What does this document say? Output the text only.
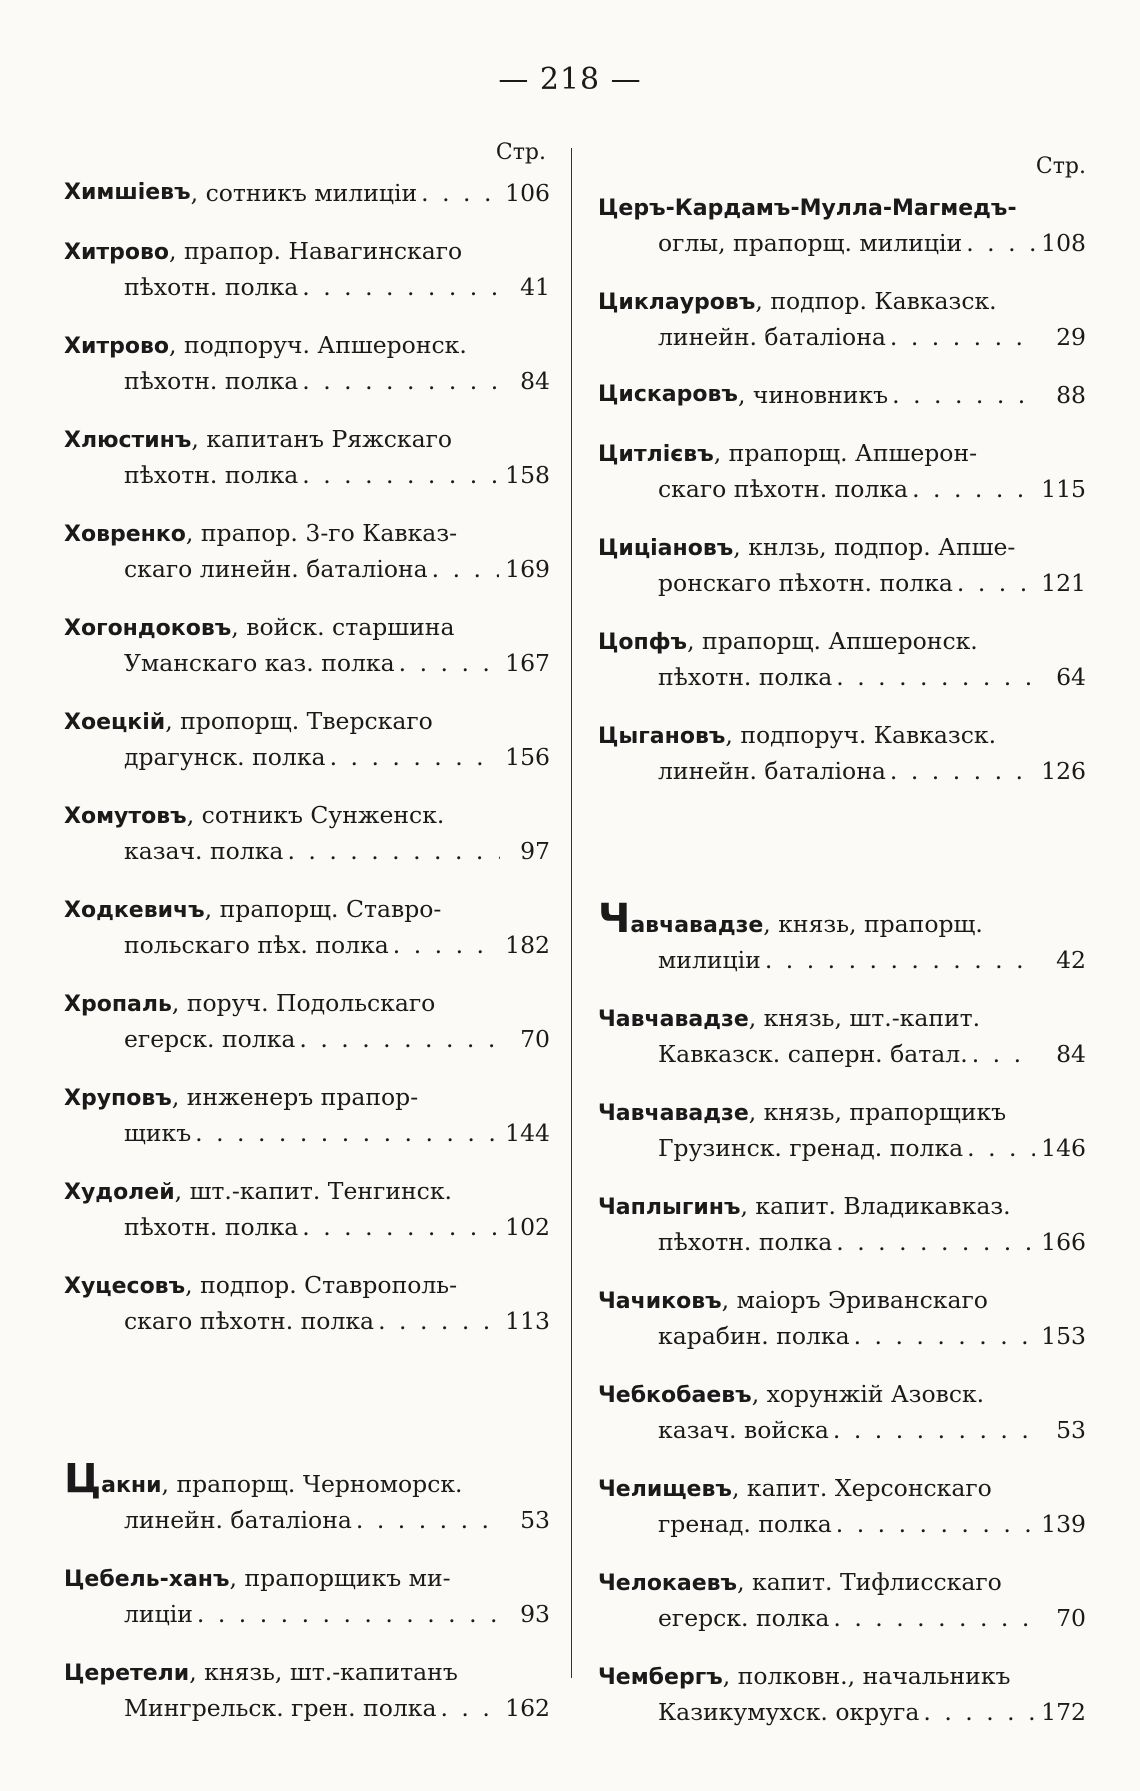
— 218 —
Стр.
Химшіевъ , сотникъ милиціи . . .	106
Хитрово, прапор. Навагинскаго
пѣхотн. полка . . .	41
Хитрово, подпоруч. Апшеронск.
пѣхотн. полка . . .	84
Хлюстинъ, капитанъ Ряжскаго
пѣхотн. полка . . .	158
Ховренко, прапор. 3-го Кавказ-
скаго линейн. баталіона . . .	169
Хогондоковъ, войск. старшина
Уманскаго каз. полка . . .	167
Хоецкій, пропорщ. Тверскаго
драгунск. полка . . .	156
Хомутовъ, сотникъ Сунженск.
казач. полка . . .	97
Ходкевичъ, прапорщ. Ставро-
польскаго пѣх. полка . . .	182
Хропаль, поруч. Подольскаго
егерск. полка . . .	70
Хруповъ, инженеръ прапор-
щикъ . . .	144
Худолей, шт.-капит. Тенгинск.
пѣхотн. полка . . .	102
Хуцесовъ, подпор. Ставрополь-
скаго пѣхотн. полка . . .	113
Цакни, прапорщ. Черноморск.
линейн. баталіона . . .	53
Цебель-ханъ, прапорщикъ ми-
лиціи . . .	93
Церетели, князь, шт.-капитанъ
Мингрельск. грен. полка . . .	162
Стр.
Церъ-Кардамъ-Мулла-Магмедъ-
оглы, прапорщ. милиціи . . .	108
Циклауровъ, подпор. Кавказск.
линейн. баталіона . . .	29
Цискаровъ , чиновникъ . . .	88
Цитлієвъ, прапорщ. Апшерон-
скаго пѣхотн. полка . . .	115
Циціановъ, кнлзь, подпор. Апше-
ронскаго пѣхотн. полка . . .	121
Цопфъ, прапорщ. Апшеронск.
пѣхотн. полка . . .	64
Цыгановъ, подпоруч. Кавказск.
линейн. баталіона . . .	126
Чавчавадзе, князь, прапорщ.
милиціи . . .	42
Чавчавадзе, князь, шт.-капит.
Кавказск. саперн. батал. . . .	84
Чавчавадзе, князь, прапорщикъ
Грузинск. гренад. полка . . .	146
Чаплыгинъ, капит. Владикавказ.
пѣхотн. полка . . .	166
Чачиковъ, маіоръ Эриванскаго
карабин. полка . . .	153
Чебкобаевъ, хорунжій Азовск.
казач. войска . . .	53
Челищевъ, капит. Херсонскаго
гренад. полка . . .	139
Челокаевъ, капит. Тифлисскаго
егерск. полка . . .	70
Чембергъ, полковн., начальникъ
Казикумухск. округа . . .	172
